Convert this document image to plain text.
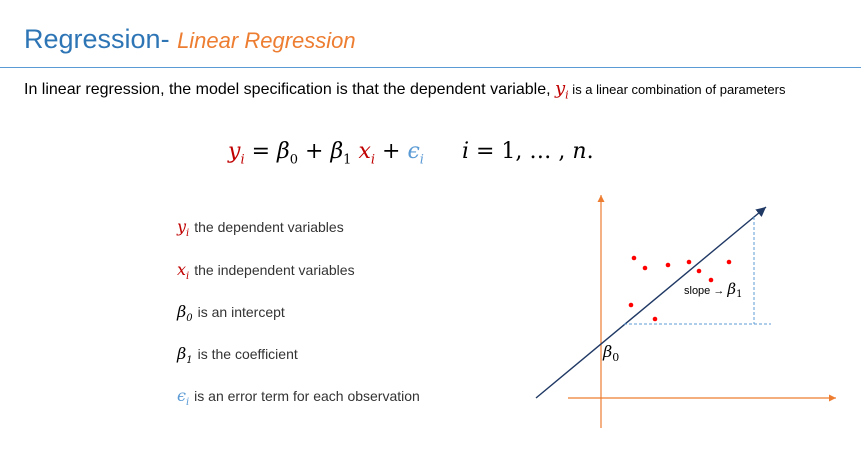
Regression- Linear Regression
In linear regression, the model specification is that the dependent variable, $y_i$ is a linear combination of parameters
$y_i = \beta_0 + \beta_1$ $x_i + \epsilon_i$ i = 1, … , n.
$y_i$ the dependent variables
$x_i$ the independent variables
$\beta_0$ is an intercept
$\beta_1$ is the coefficient
$\epsilon_i$ is an error term for each observation
slope → β1
$\beta_0$
